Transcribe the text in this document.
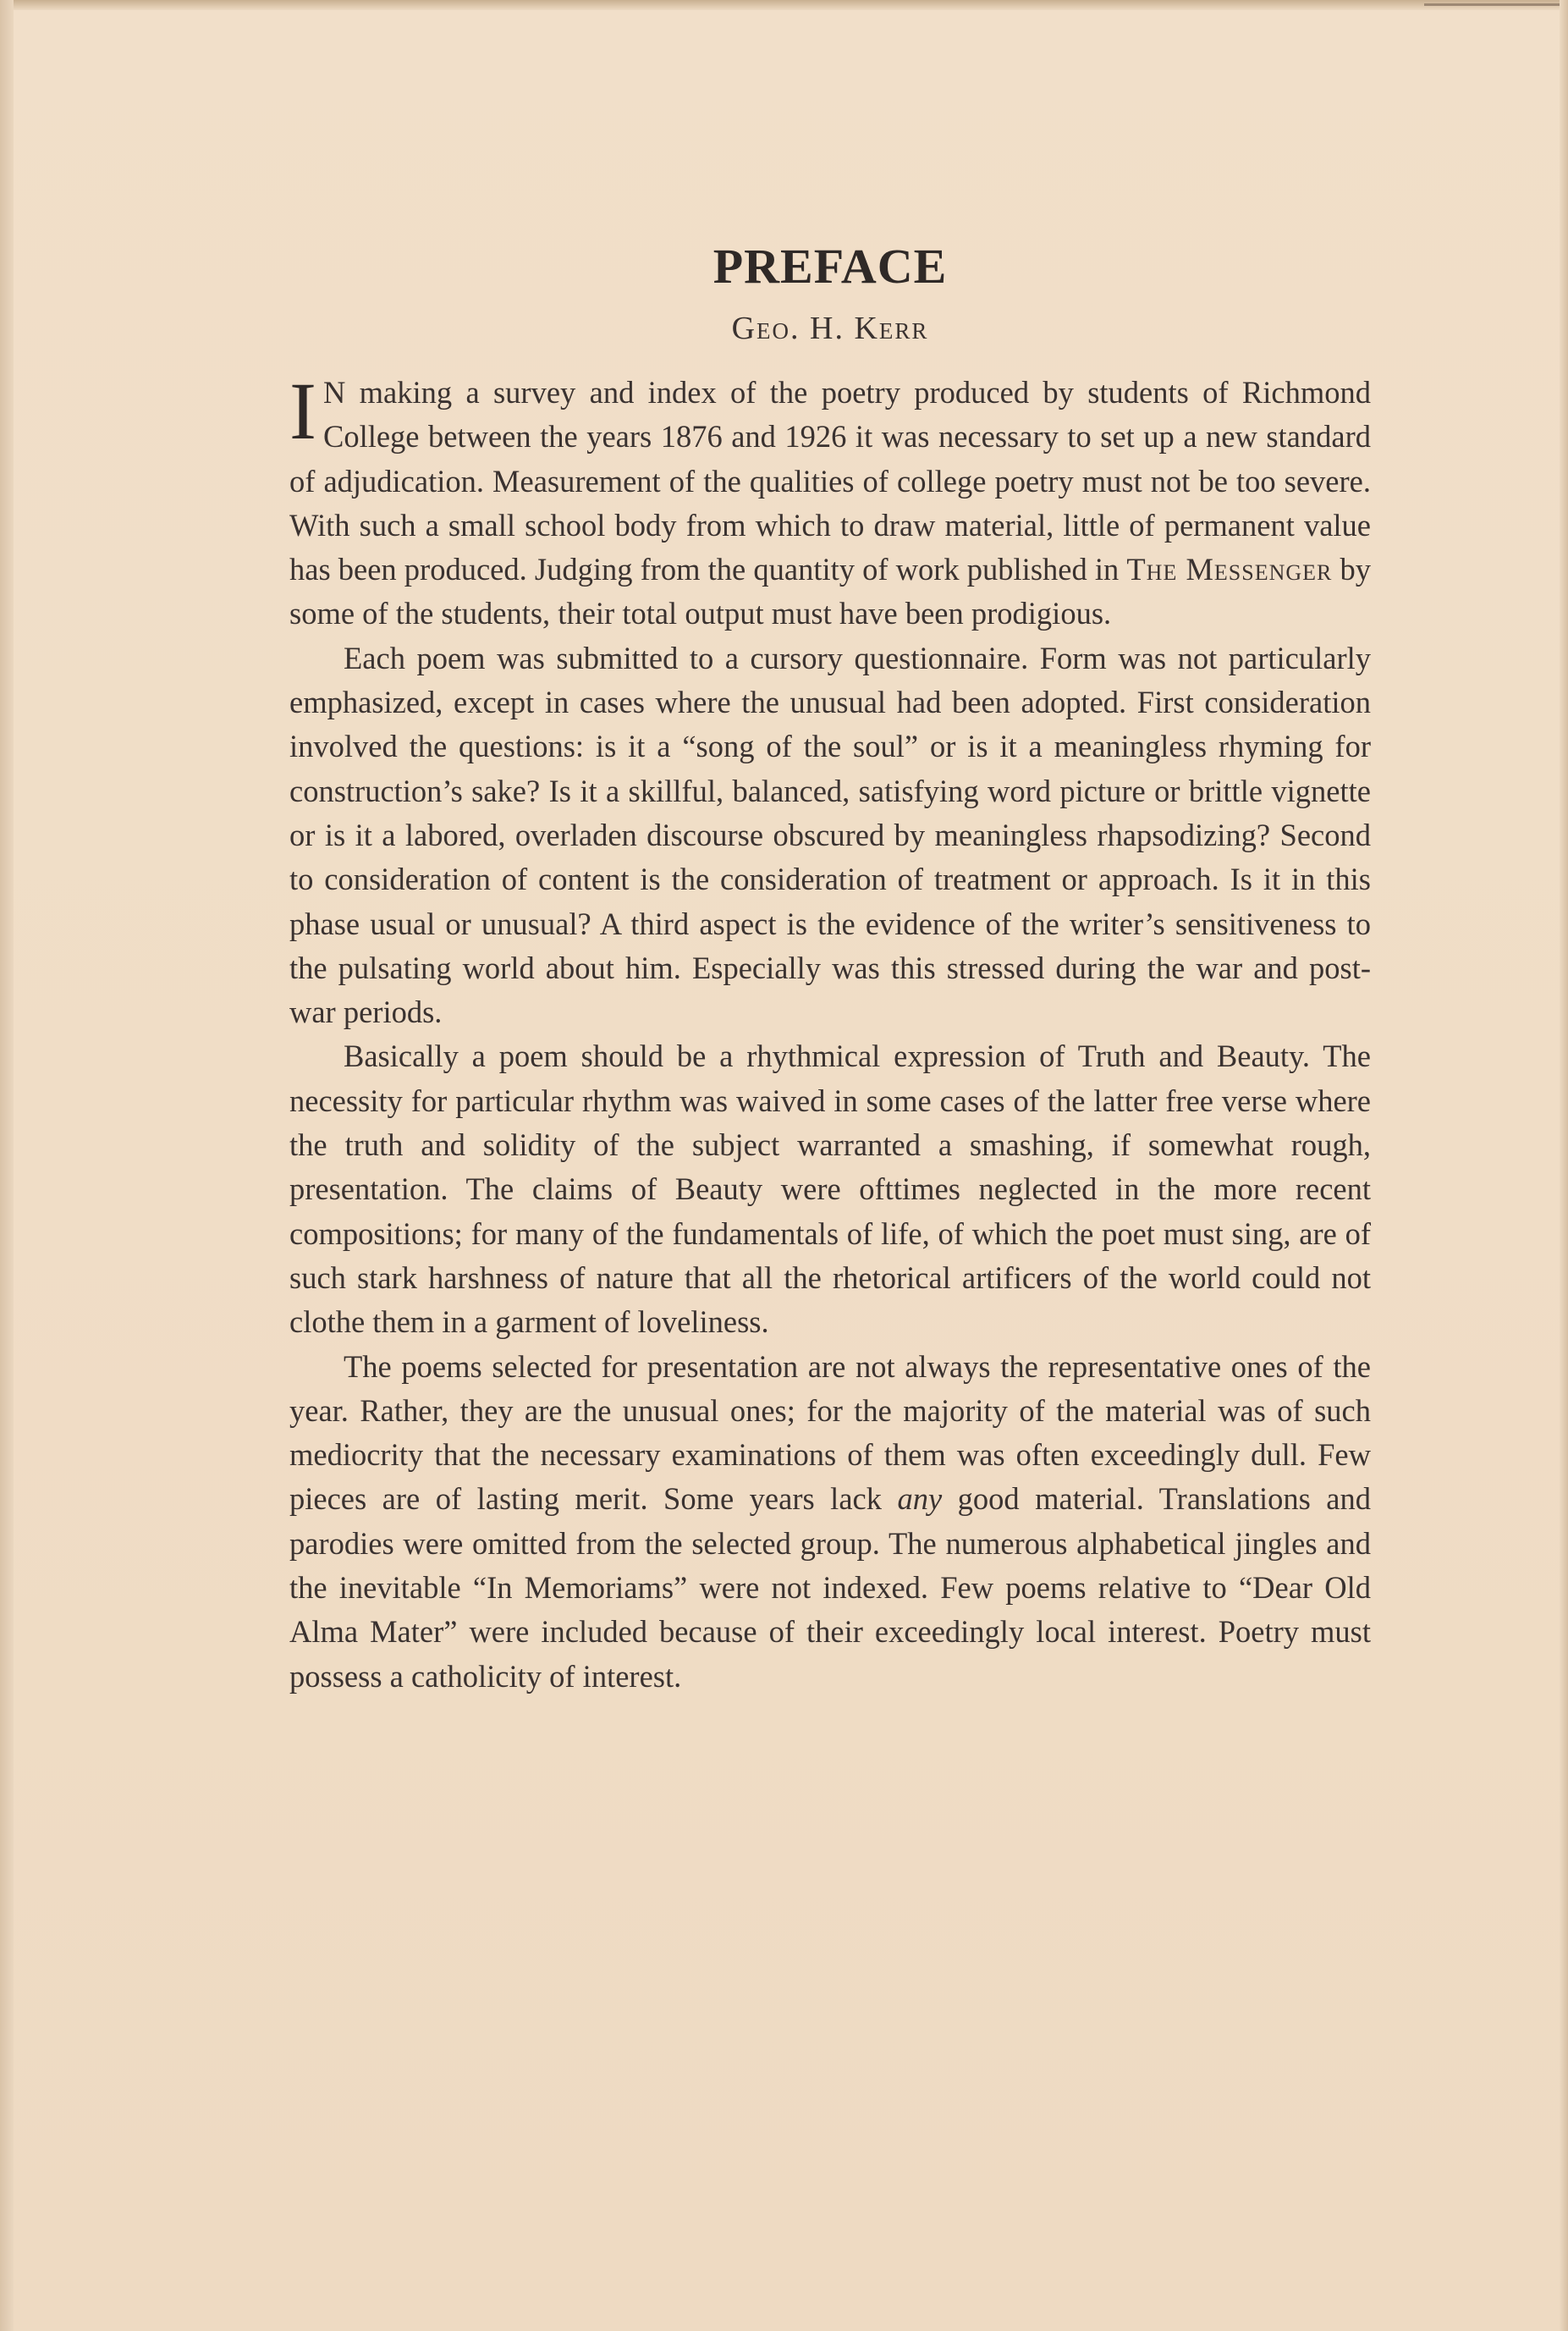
PREFACE

Geo. H. Kerr

I N making a survey and index of the poetry produced by students of Richmond College between the years 1876 and 1926 it was necessary to set up a new standard of adjudication. Measurement of the qualities of college poetry must not be too severe. With such a small school body from which to draw material, little of permanent value has been produced. Judging from the quantity of work published in The Messenger by some of the students, their total output must have been prodigious.

Each poem was submitted to a cursory questionnaire. Form was not particularly emphasized, except in cases where the unusual had been adopted. First consideration involved the questions: is it a “song of the soul” or is it a meaningless rhyming for construction’s sake? Is it a skillful, balanced, satisfying word picture or brittle vignette or is it a labored, overladen discourse obscured by meaningless rhapsodizing? Second to consideration of content is the consideration of treatment or approach. Is it in this phase usual or unusual? A third aspect is the evidence of the writer’s sensitiveness to the pulsating world about him. Especially was this stressed during the war and post-war periods.

Basically a poem should be a rhythmical expression of Truth and Beauty. The necessity for particular rhythm was waived in some cases of the latter free verse where the truth and solidity of the subject warranted a smashing, if somewhat rough, presentation. The claims of Beauty were ofttimes neglected in the more recent compositions; for many of the fundamentals of life, of which the poet must sing, are of such stark harshness of nature that all the rhetorical artificers of the world could not clothe them in a garment of loveliness.

The poems selected for presentation are not always the representative ones of the year. Rather, they are the unusual ones; for the majority of the material was of such mediocrity that the necessary examinations of them was often exceedingly dull. Few pieces are of lasting merit. Some years lack any good material. Translations and parodies were omitted from the selected group. The numerous alphabetical jingles and the inevitable “In Memoriams” were not indexed. Few poems relative to “Dear Old Alma Mater” were included because of their exceedingly local interest. Poetry must possess a catholicity of interest.
